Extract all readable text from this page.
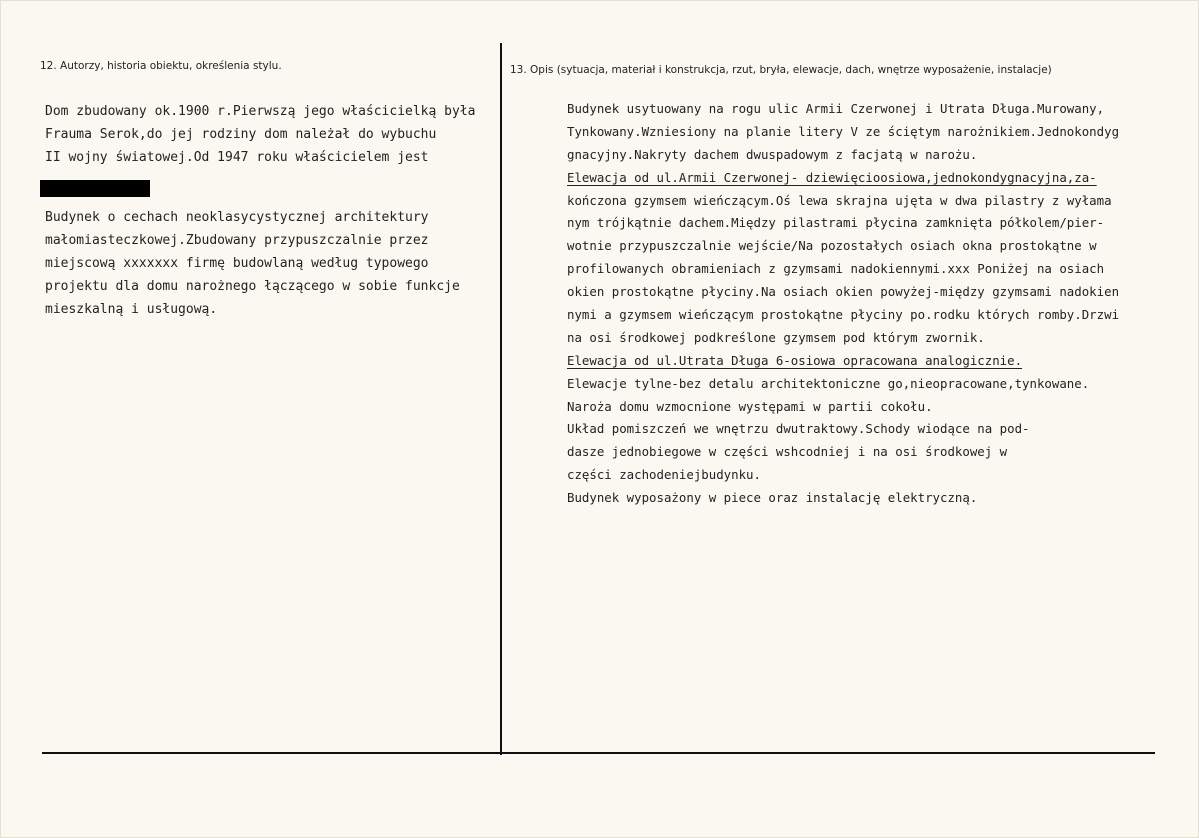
12. Autorzy, historia obiektu, określenia stylu.	13. Opis (sytuacja, materiał i konstrukcja, rzut, bryła, elewacje, dach, wnętrze wyposażenie, instalacje)
Dom zbudowany ok.1900 r.Pierwszą jego właścicielką była
Frauma Serok,do jej rodziny dom należał do wybuchu
II wojny światowej.Od 1947 roku właścicielem jest
Budynek o cechach neoklasycystycznej architektury
małomiasteczkowej.Zbudowany przypuszczalnie przez
miejscową xxxxxxx firmę budowlaną według typowego
projektu dla domu narożnego łączącego w sobie funkcje
mieszkalną i usługową.
Budynek usytuowany na rogu ulic Armii Czerwonej i Utrata Długa.Murowany,
Tynkowany.Wzniesiony na planie litery V ze ściętym narożnikiem.Jednokondyg
gnacyjny.Nakryty dachem dwuspadowym z facjatą w narożu.
Elewacja od ul.Armii Czerwonej- dziewięcioosiowa,jednokondygnacyjna,za-
kończona gzymsem wieńczącym.Oś lewa skrajna ujęta w dwa pilastry z wyłama
nym trójkątnie dachem.Między pilastrami płycina zamknięta półkolem/pier-
wotnie przypuszczalnie wejście/Na pozostałych osiach okna prostokątne w
profilowanych obramieniach z gzymsami nadokiennymi.xxx Poniżej na osiach
okien prostokątne płyciny.Na osiach okien powyżej-między gzymsami nadokien
nymi a gzymsem wieńczącym prostokątne płyciny po.rodku których romby.Drzwi
na osi środkowej podkreślone gzymsem pod którym zwornik.
Elewacja od ul.Utrata Długa 6-osiowa opracowana analogicznie.
Elewacje tylne-bez detalu architektoniczne go,nieopracowane,tynkowane.
Naroża domu wzmocnione występami w partii cokołu.
Układ pomiszczeń we wnętrzu dwutraktowy.Schody wiodące na pod-
dasze jednobiegowe w części wshcodniej i na osi środkowej w
części zachodeniejbudynku.
Budynek wyposażony w piece oraz instalację elektryczną.
